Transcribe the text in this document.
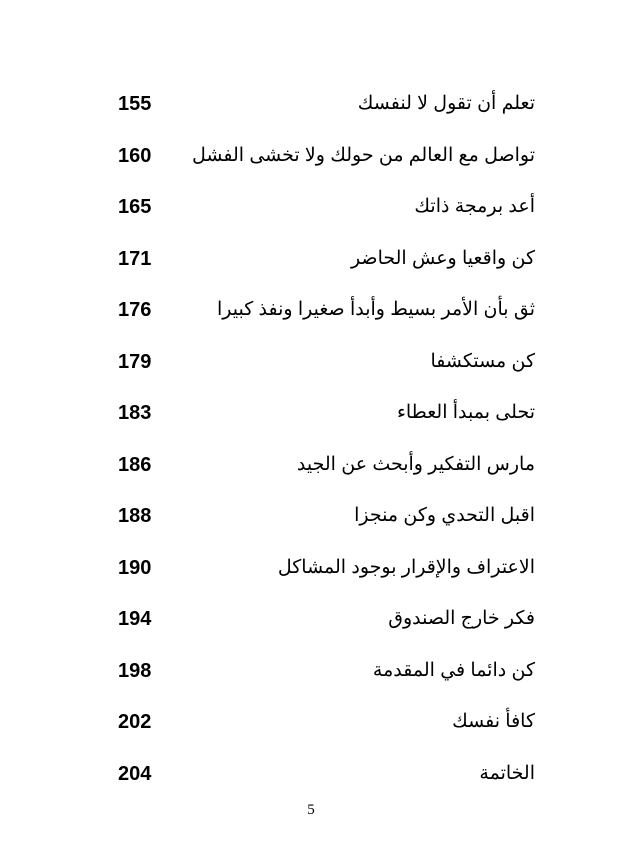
155	تعلم أن تقول لا لنفسك
160 تواصل مع العالم من حولك ولا تخشى الفشل
165	أعد برمجة ذاتك
171	كن واقعيا وعش الحاضر
176	ثق بأن الأمر بسيط وأبدأ صغيرا ونفذ كبيرا
179	كن مستكشفا
183	تحلى بمبدأ العطاء
186	مارس التفكير وأبحث عن الجيد
188	اقبل التحدي وكن منجزا
190	الاعتراف والإقرار بوجود المشاكل
194	فكر خارج الصندوق
198	كن دائما في المقدمة
202	كافأ نفسك
204	الخاتمة
5
